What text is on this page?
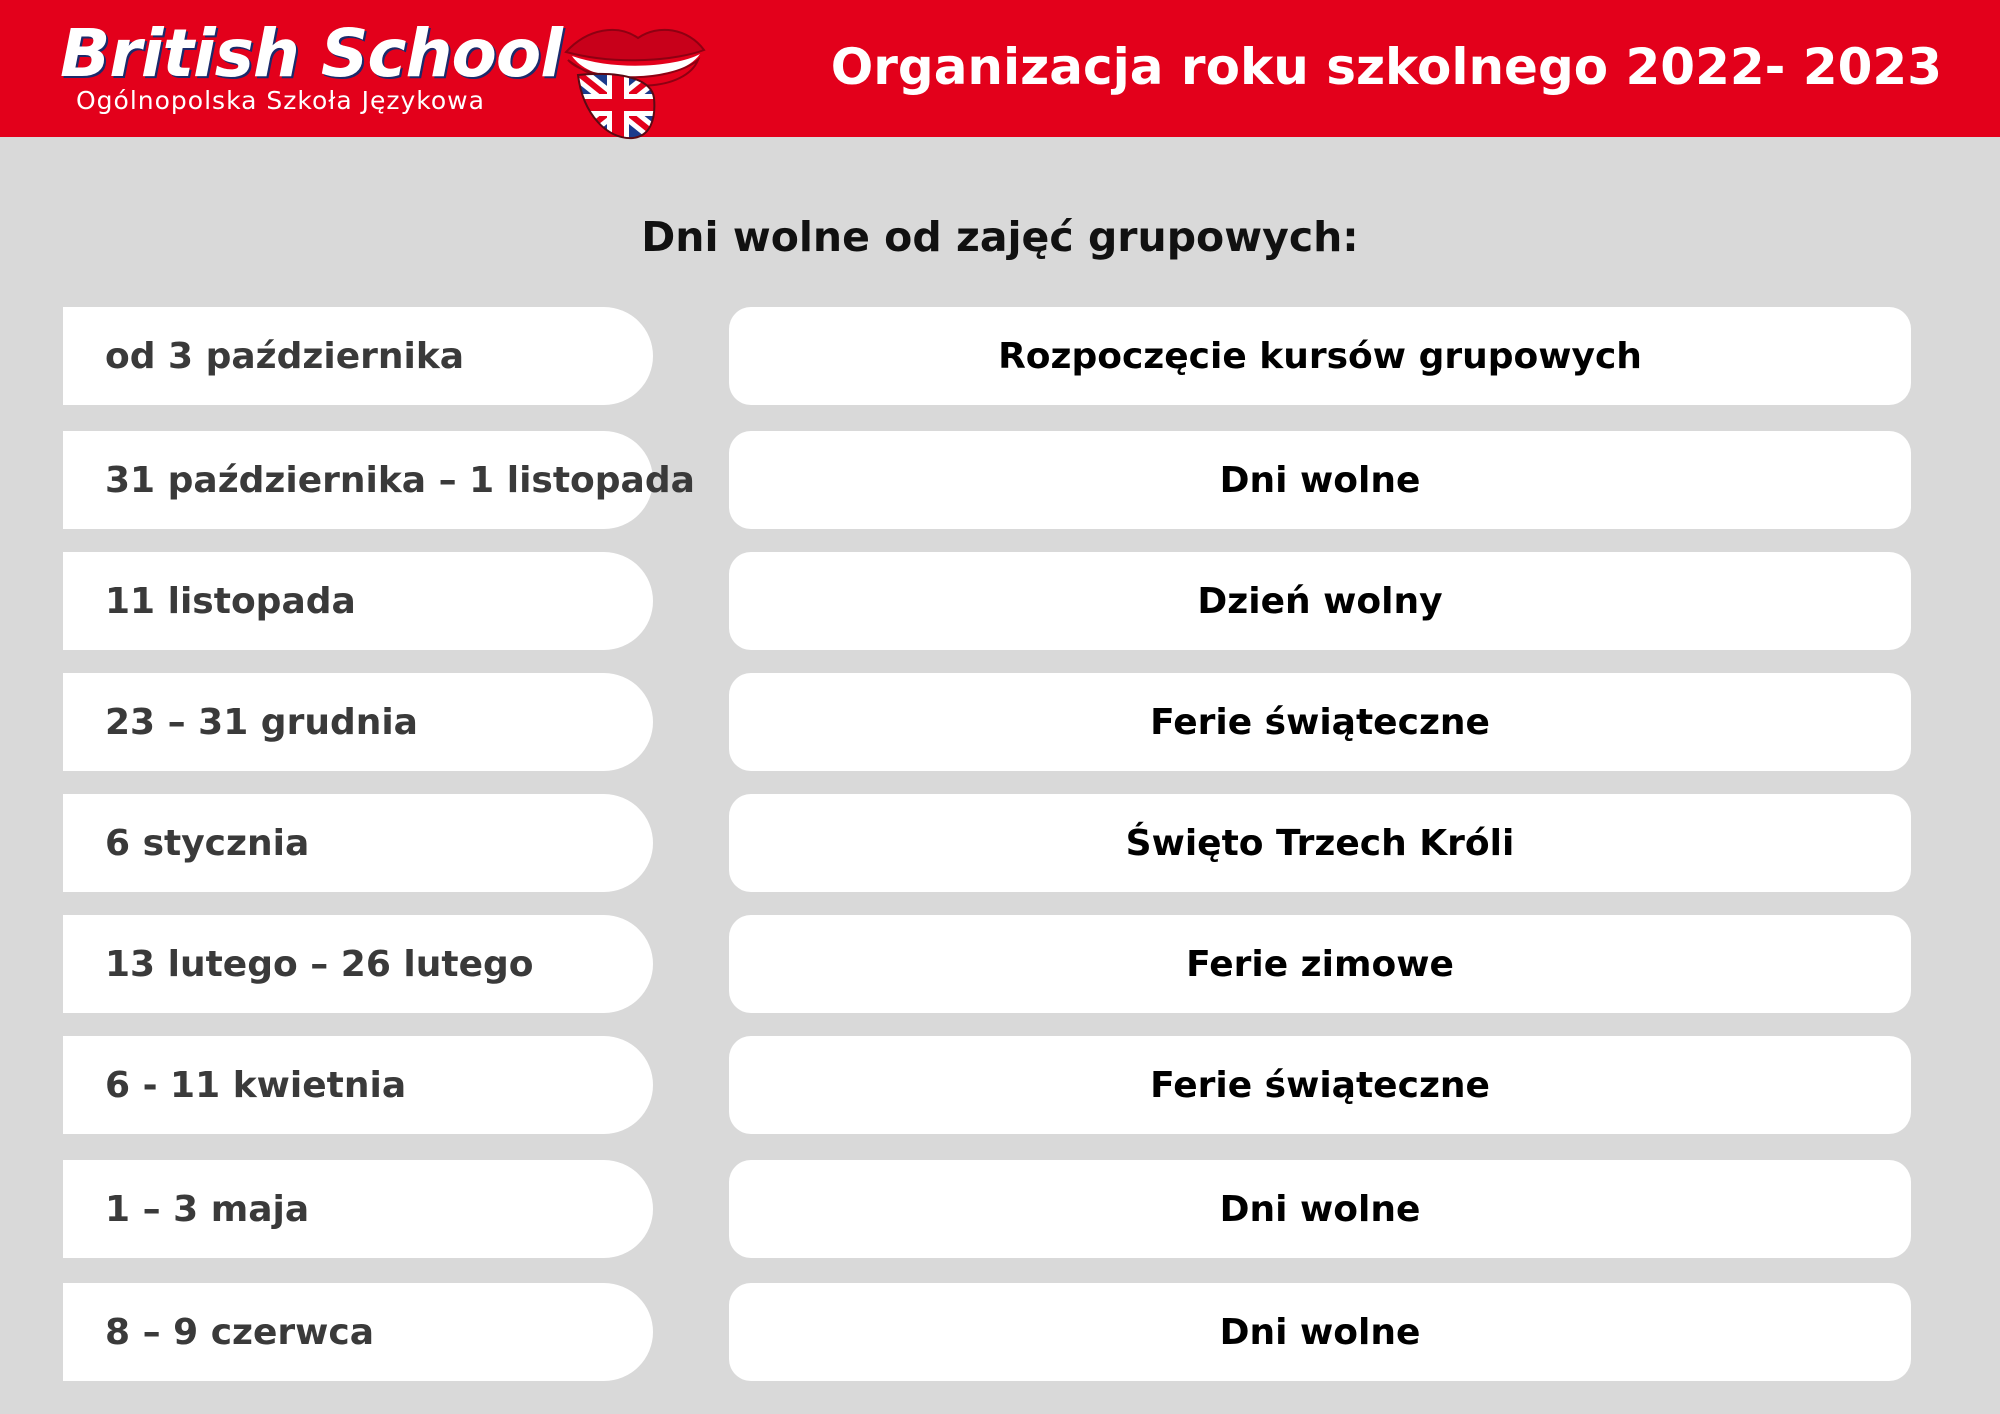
British School
Ogólnopolska Szkoła Językowa
Organizacja roku szkolnego 2022- 2023
Dni wolne od zajęć grupowych:
od 3 października	Rozpoczęcie kursów grupowych
31 października – 1 listopada	Dni wolne
11 listopada	Dzień wolny
23 – 31 grudnia	Ferie świąteczne
6 stycznia	Święto Trzech Króli
13 lutego – 26 lutego	Ferie zimowe
6 - 11 kwietnia	Ferie świąteczne
1 – 3 maja	Dni wolne
8 – 9 czerwca	Dni wolne
